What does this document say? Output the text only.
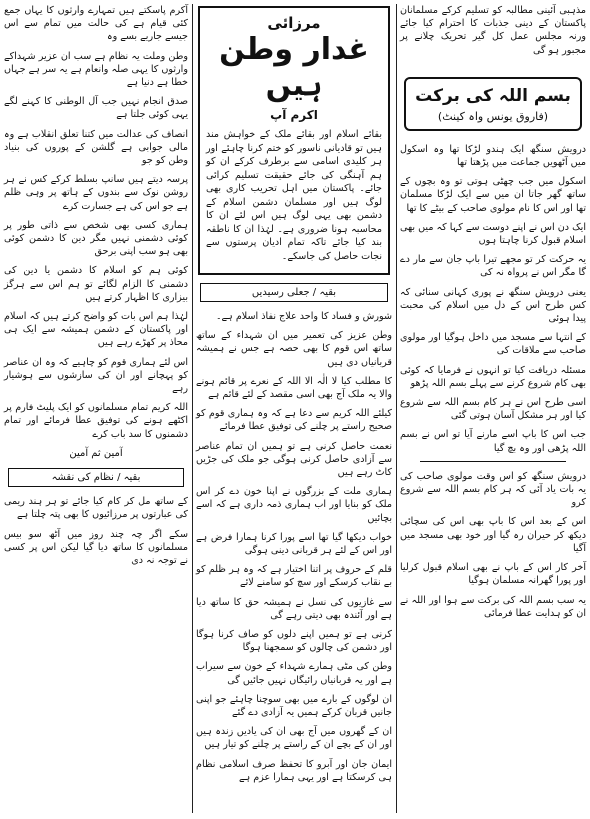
آکرم پاسکتے ہیں تمہارے وارثوں کا یہاں جمع کئی قیام ہے کی حالت میں تمام سے اس جیسے جاریے بسے وہ

وطن وملت یہ نظام ہے سب ان عزیر شہداکے وارثوں کا یہی صلہ وانعام ہے یہ سر ہے جہاں خطا ہے دنیا ہے

صدق انجام نہیں جب آل الوطنی کا کہنے لگے یہی کوئی جلتا ہے

انصاف کی عدالت میں کتنا تعلق انقلاب ہے وہ مالی جوابی ہے گلشن کے پوروں کی بنیاد وطن کو جو

پرسہ دیتے ہیں سانپ بسلط کرکے کس نے ہر روشن نوک سے بندوں کے ہاتھ پر وہی ظلم ہے جو اس کی ہے جسارت کرے

ہماری کسی بھی شخص سے ذاتی طور پر کوئی دشمنی نہیں مگر دین کا دشمن کوئی بھی ہو سب اپنی برحق

کوئی ہم کو اسلام کا دشمن یا دین کی دشمنی کا الزام لگائے تو ہم اس سے ہرگز بیزاری کا اظہار کرتے ہیں

لہٰذا ہم اس بات کو واضح کرتے ہیں کہ اسلام اور پاکستان کے دشمن ہمیشہ سے ایک ہی محاذ پر کھڑے رہے ہیں

اس لئے ہماری قوم کو چاہیے کہ وہ ان عناصر کو پہچانے اور ان کی سازشوں سے ہوشیار رہے

اللہ کریم تمام مسلمانوں کو ایک پلیٹ فارم پر اکٹھے ہونے کی توفیق عطا فرمائے اور تمام دشمنوں کا سد باب کرے

آمین ثم آمین

بقیہ / نظام کی نقشہ

کے ساتھ مل کر کام کیا جائے تو ہر ہند ریمی کی عبارتوں پر مرزائیوں کا بھی پتہ چلتا ہے

سکے اگر چہ چند روز میں آٹھ سو بیس مسلمانوں کا ساتھ دیا گیا لیکن اس پر کسی نے توجہ نہ دی

مرزائی
غدار وطن ہیں
اکرم آپ

بقائے اسلام اور بقائے ملک کے خواہش مند ہیں تو قادیانی ناسور کو ختم کرنا چاہئے اور ہر کلیدی اسامی سے برطرف کرکے ان کو ہم آہنگی کی جائے حقیقت تسلیم کرائی جائے۔ پاکستان میں اہل تحریب کاری بھی لوگ ہیں اور مسلمان دشمن اسلام کے دشمن بھی یہی لوگ ہیں اس لئے ان کا محاسبہ ہونا ضروری ہے۔ لہٰذا ان کا ناطقہ بند کیا جائے تاکہ تمام ادیان پرستوں سے نجات حاصل کی جاسکے۔

بقیہ / جعلی رسیدیں

شورش و فساد کا واحد علاج نفاذ اسلام ہے۔

وطن عزیز کی تعمیر میں ان شہداء کے ساتھ ساتھ اس قوم کا بھی حصہ ہے جس نے ہمیشہ قربانیاں دی ہیں

کا مطلب کیا لا الٰہ الا اللہ کے نعرے پر قائم ہونے والا یہ ملک آج بھی اسی مقصد کے لئے قائم ہے

کیلئے اللہ کریم سے دعا ہے کہ وہ ہماری قوم کو صحیح راستے پر چلنے کی توفیق عطا فرمائے

نعمت حاصل کرنی ہے تو ہمیں ان تمام عناصر سے آزادی حاصل کرنی ہوگی جو ملک کی جڑیں کاٹ رہے ہیں

ہماری ملت کے بزرگوں نے اپنا خون دے کر اس ملک کو بنایا اور اب ہماری ذمہ داری ہے کہ اسے بچائیں

خواب دیکھا گیا تھا اسے پورا کرنا ہمارا فرض ہے اور اس کے لئے ہر قربانی دینی ہوگی

قلم کے حروف پر اتنا اختیار ہے کہ وہ ہر ظلم کو بے نقاب کرسکے اور سچ کو سامنے لائے

سے غازیوں کی نسل نے ہمیشہ حق کا ساتھ دیا ہے اور آئندہ بھی دیتی رہے گی

کرنی ہے تو ہمیں اپنے دلوں کو صاف کرنا ہوگا اور دشمن کی چالوں کو سمجھنا ہوگا

وطن کی مٹی ہمارے شہداء کے خون سے سیراب ہے اور یہ قربانیاں رائیگاں نہیں جائیں گی

ان لوگوں کے بارے میں بھی سوچنا چاہئے جو اپنی جانیں قربان کرکے ہمیں یہ آزادی دے گئے

ان کے گھروں میں آج بھی ان کی یادیں زندہ ہیں اور ان کے بچے ان کے راستے پر چلنے کو تیار ہیں

ایمان جان اور آبرو کا تحفظ صرف اسلامی نظام ہی کرسکتا ہے اور یہی ہمارا عزم ہے

مذہبی آئینی مطالبہ کو تسلیم کرکے مسلمانان پاکستان کے دینی جذبات کا احترام کیا جائے ورنہ مجلس عمل کل گیر تحریک چلانے پر مجبور ہو گی

بسم اللہ کی برکت
(فاروق یونس واہ کینٹ)

درویش سنگھ ایک ہندو لڑکا تھا وہ اسکول میں آٹھویں جماعت میں پڑھتا تھا

اسکول میں جب چھٹی ہوتی تو وہ بچوں کے ساتھ گھر جاتا ان میں سے ایک لڑکا مسلمان تھا اور اس کا نام مولوی صاحب کے بیٹے کا تھا

ایک دن اس نے اپنے دوست سے کہا کہ میں بھی اسلام قبول کرنا چاہتا ہوں

یہ حرکت کر تو مجھے تیرا باپ جان سے مار دے گا مگر اس نے پرواہ نہ کی

یعنی درویش سنگھ نے پوری کہانی سنائی کہ کس طرح اس کے دل میں اسلام کی محبت پیدا ہوئی

کے انتہا سے مسجد میں داخل ہوگیا اور مولوی صاحب سے ملاقات کی

مسئلہ دریافت کیا تو انہوں نے فرمایا کہ کوئی بھی کام شروع کرنے سے پہلے بسم اللہ پڑھو

اسی طرح اس نے ہر کام بسم اللہ سے شروع کیا اور ہر مشکل آسان ہوتی گئی

جب اس کا باپ اسے مارنے آیا تو اس نے بسم اللہ پڑھی اور وہ بچ گیا

درویش سنگھ کو اس وقت مولوی صاحب کی یہ بات یاد آئی کہ ہر کام بسم اللہ سے شروع کرو

اس کے بعد اس کا باپ بھی اس کی سچائی دیکھ کر حیران رہ گیا اور خود بھی مسجد میں آگیا

آخر کار اس کے باپ نے بھی اسلام قبول کرلیا اور پورا گھرانہ مسلمان ہوگیا

یہ سب بسم اللہ کی برکت سے ہوا اور اللہ نے ان کو ہدایت عطا فرمائی
